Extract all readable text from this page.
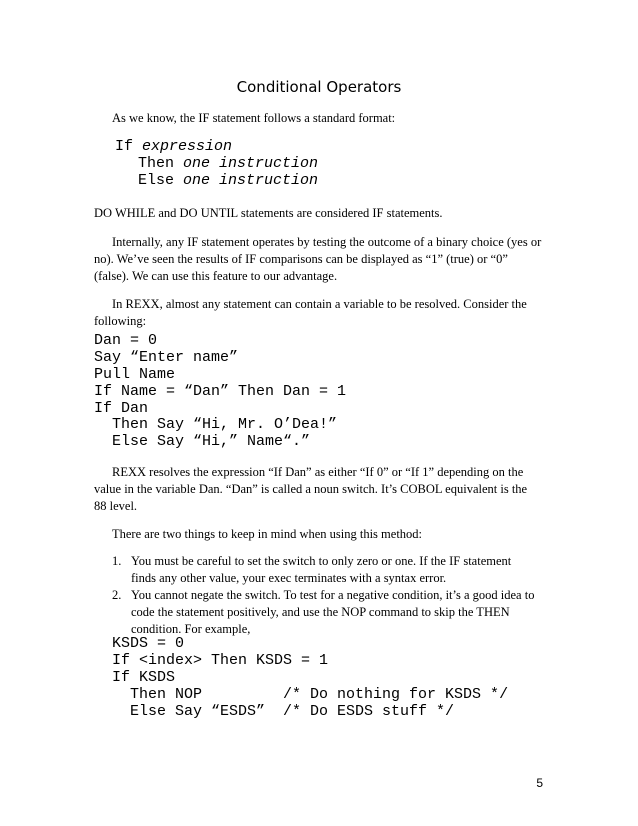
Conditional Operators
As we know, the IF statement follows a standard format:
If expression
Then one instruction
Else one instruction
DO WHILE and DO UNTIL statements are considered IF statements.
Internally, any IF statement operates by testing the outcome of a binary choice (yes or
no). We’ve seen the results of IF comparisons can be displayed as “1” (true) or “0”
(false). We can use this feature to our advantage.
In REXX, almost any statement can contain a variable to be resolved. Consider the
following:
Dan = 0
Say “Enter name”
Pull Name
If Name = “Dan” Then Dan = 1
If Dan
Then Say “Hi, Mr. O’Dea!”
Else Say “Hi,” Name“.”
REXX resolves the expression “If Dan” as either “If 0” or “If 1” depending on the
value in the variable Dan. “Dan” is called a noun switch. It’s COBOL equivalent is the
88 level.
There are two things to keep in mind when using this method:
1. You must be careful to set the switch to only zero or one. If the IF statement
finds any other value, your exec terminates with a syntax error.
2. You cannot negate the switch. To test for a negative condition, it’s a good idea to
code the statement positively, and use the NOP command to skip the THEN
condition. For example,
KSDS = 0
If <index> Then KSDS = 1
If KSDS
Then NOP         /* Do nothing for KSDS */
Else Say “ESDS”  /* Do ESDS stuff */
5
